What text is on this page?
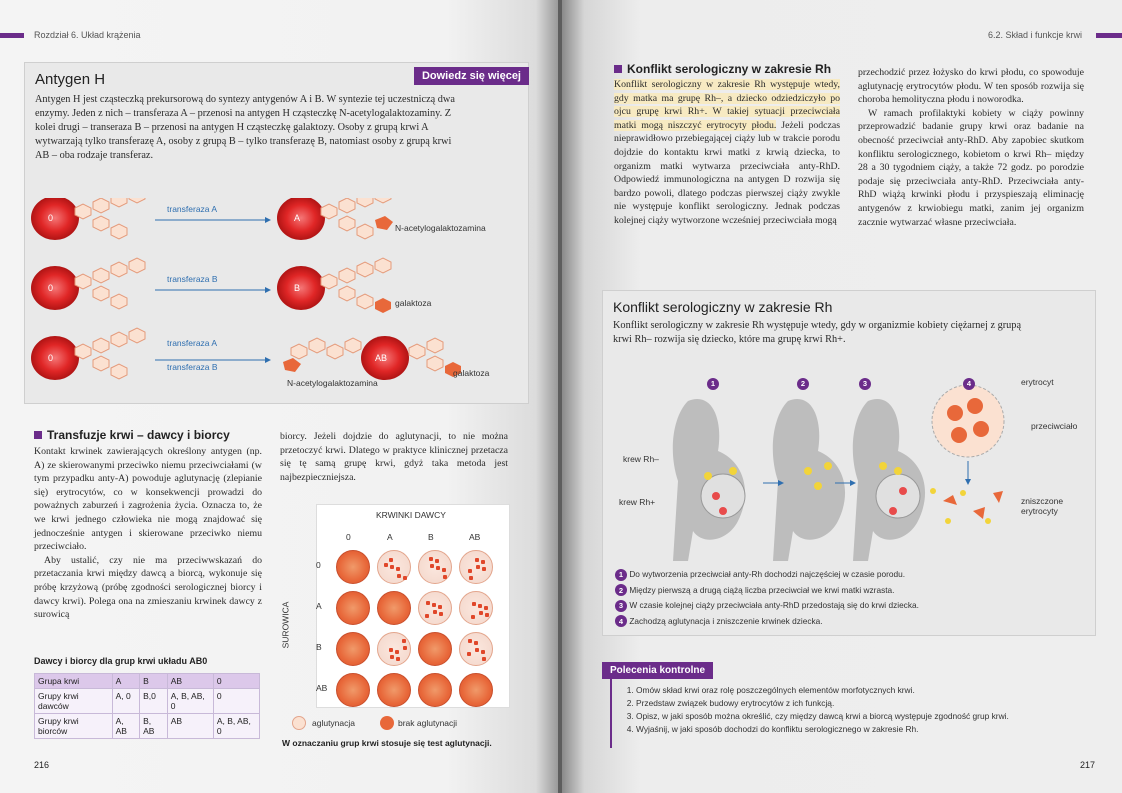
Rozdział 6. Układ krążenia
Dowiedz się więcej
Antygen H
Antygen H jest cząsteczką prekursorową do syntezy antygenów A i B. W syntezie tej uczestniczą dwa enzymy. Jeden z nich – transferaza A – przenosi na antygen H cząsteczkę N-acetylogalaktozaminy. Z kolei drugi – transeraza B – przenosi na antygen H cząsteczkę galaktozy. Osoby z grupą krwi A wytwarzają tylko transferazę A, osoby z grupą B – tylko transferazę B, natomiast osoby z grupą krwi AB – oba rodzaje transferaz.
0	A
transferaza A
N-acetylogalaktozamina
0	B
transferaza B
galaktoza
0	AB
transferaza A
transferaza B
galaktoza
N-acetylogalaktozamina
Transfuzje krwi – dawcy i biorcy
Kontakt krwinek zawierających określony antygen (np. A) ze skierowanymi przeciwko niemu przeciwciałami (w tym przypadku anty-A) powoduje aglutynację (zlepianie się) erytrocytów, co w konsekwencji prowadzi do poważnych zaburzeń i zagrożenia życia. Oznacza to, że we krwi jednego człowieka nie mogą znajdować się jednocześnie antygen i skierowane przeciwko niemu przeciwciało.
Aby ustalić, czy nie ma przeciwwskazań do przetaczania krwi między dawcą a biorcą, wykonuje się próbę krzyżową (próbę zgodności serologicznej biorcy i dawcy krwi). Polega ona na zmieszaniu krwinek dawcy z surowicą
biorcy. Jeżeli dojdzie do aglutynacji, to nie można przetoczyć krwi. Dlatego w praktyce klinicznej przetacza się tę samą grupę krwi, gdyż taka metoda jest najbezpieczniejsza.
Dawcy i biorcy dla grup krwi układu AB0
Grupa krwi	A	B	AB	0
Grupy krwi dawców	A, 0	B,0	A, B, AB, 0	0
Grupy krwi biorców	A, AB	B, AB	AB	A, B, AB, 0
KRWINKI DAWCY
SUROWICA
0	A	B	AB
0
A
B
AB
aglutynacja	brak aglutynacji
W oznaczaniu grup krwi stosuje się test aglutynacji.
216
6.2. Skład i funkcje krwi
Konflikt serologiczny w zakresie Rh
Konflikt serologiczny w zakresie Rh występuje wtedy, gdy matka ma grupę Rh–, a dziecko odziedziczyło po ojcu grupę krwi Rh+. W takiej sytuacji przeciwciała matki mogą niszczyć erytrocyty płodu. Jeżeli podczas nieprawidłowo przebiegającej ciąży lub w trakcie porodu dojdzie do kontaktu krwi matki z krwią dziecka, to organizm matki wytwarza przeciwciała anty-RhD. Odpowiedź immunologiczna na antygen D rozwija się bardzo powoli, dlatego podczas pierwszej ciąży zwykle nie występuje konflikt serologiczny. Jednak podczas kolejnej ciąży wytworzone wcześniej przeciwciała mogą
przechodzić przez łożysko do krwi płodu, co spowoduje aglutynację erytrocytów płodu. W ten sposób rozwija się choroba hemolityczna płodu i noworodka.
W ramach profilaktyki kobiety w ciąży powinny przeprowadzić badanie grupy krwi oraz badanie na obecność przeciwciał anty-RhD. Aby zapobiec skutkom konfliktu serologicznego, kobietom o krwi Rh– między 28 a 30 tygodniem ciąży, a także 72 godz. po porodzie podaje się przeciwciała anty-RhD. Przeciwciała anty-RhD wiążą krwinki płodu i przyspieszają eliminację antygenów z krwiobiegu matki, zanim jej organizm zacznie wytwarzać własne przeciwciała.
Konflikt serologiczny w zakresie Rh
Konflikt serologiczny w zakresie Rh występuje wtedy, gdy w organizmie kobiety ciężarnej z grupą krwi Rh– rozwija się dziecko, które ma grupę krwi Rh+.
1	2	3	4	erytrocyt
przeciwciało
krew Rh–
krew Rh+	zniszczone erytrocyty
1 Do wytworzenia przeciwciał anty-Rh dochodzi najczęściej w czasie porodu.
2 Między pierwszą a drugą ciążą liczba przeciwciał we krwi matki wzrasta.
3 W czasie kolejnej ciąży przeciwciała anty-RhD przedostają się do krwi dziecka.
4 Zachodzą aglutynacja i zniszczenie krwinek dziecka.
Polecenia kontrolne
1. Omów skład krwi oraz rolę poszczególnych elementów morfotycznych krwi.
2. Przedstaw związek budowy erytrocytów z ich funkcją.
3. Opisz, w jaki sposób można określić, czy między dawcą krwi a biorcą występuje zgodność grup krwi.
4. Wyjaśnij, w jaki sposób dochodzi do konfliktu serologicznego w zakresie Rh.
217
